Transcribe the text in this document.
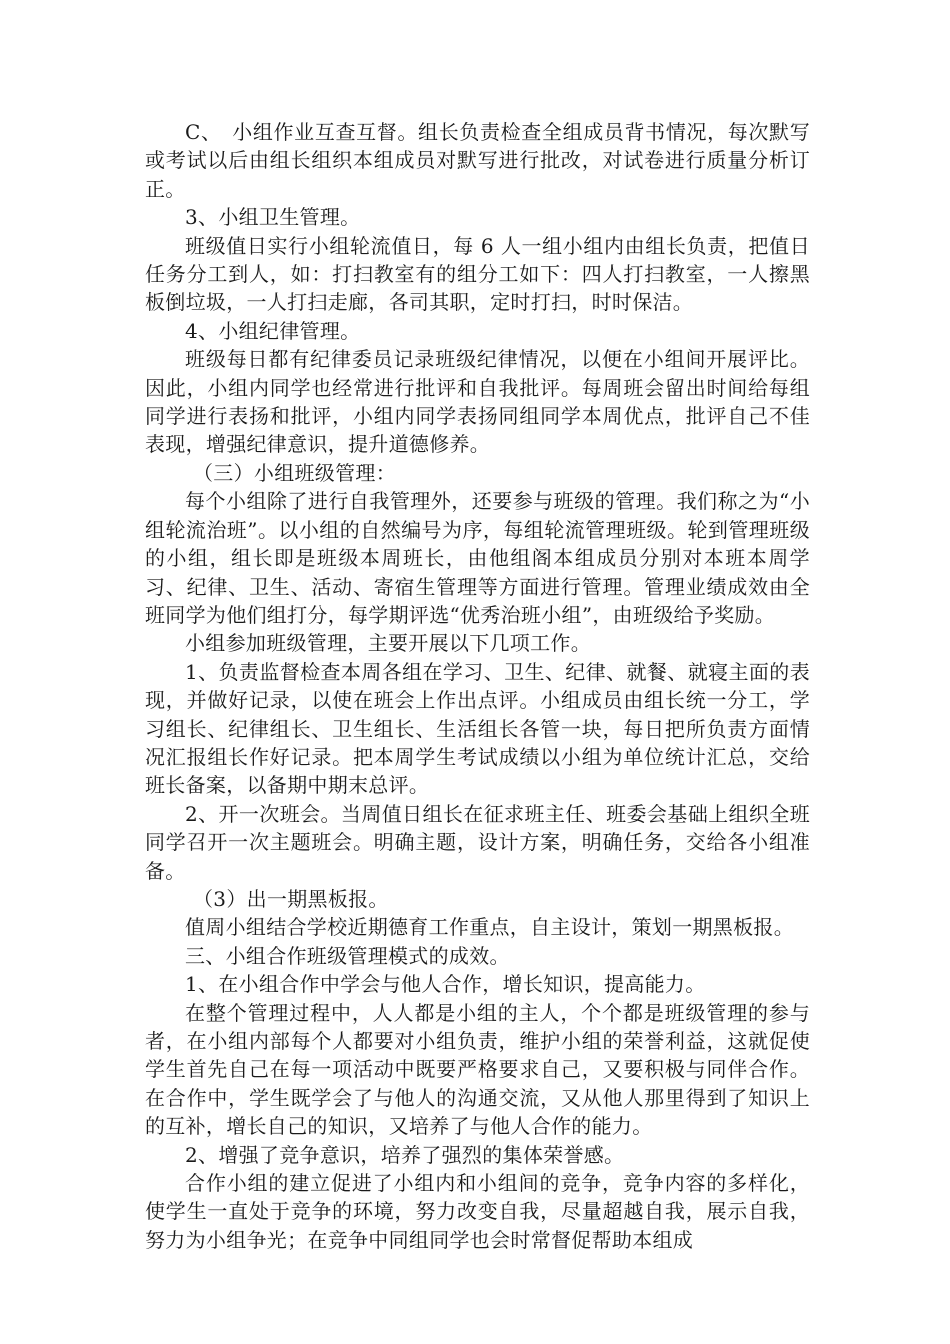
C、　小组作业互查互督。组长负责检查全组成员背书情况，每次默写或考试以后由组长组织本组成员对默写进行批改，对试卷进行质量分析订正。

3、小组卫生管理。

班级值日实行小组轮流值日，每 6 人一组小组内由组长负责，把值日任务分工到人，如：打扫教室有的组分工如下：四人打扫教室，一人擦黑板倒垃圾，一人打扫走廊，各司其职，定时打扫，时时保洁。

4、小组纪律管理。

班级每日都有纪律委员记录班级纪律情况，以便在小组间开展评比。因此，小组内同学也经常进行批评和自我批评。每周班会留出时间给每组同学进行表扬和批评，小组内同学表扬同组同学本周优点，批评自己不佳表现，增强纪律意识，提升道德修养。

（三）小组班级管理：

每个小组除了进行自我管理外，还要参与班级的管理。我们称之为“小组轮流治班”。以小组的自然编号为序，每组轮流管理班级。轮到管理班级的小组，组长即是班级本周班长，由他组阁本组成员分别对本班本周学习、纪律、卫生、活动、寄宿生管理等方面进行管理。管理业绩成效由全班同学为他们组打分，每学期评选“优秀治班小组”，由班级给予奖励。

小组参加班级管理，主要开展以下几项工作。

1、负责监督检查本周各组在学习、卫生、纪律、就餐、就寝主面的表现，并做好记录，以使在班会上作出点评。小组成员由组长统一分工，学习组长、纪律组长、卫生组长、生活组长各管一块，每日把所负责方面情况汇报组长作好记录。把本周学生考试成绩以小组为单位统计汇总，交给班长备案，以备期中期末总评。

2、开一次班会。当周值日组长在征求班主任、班委会基础上组织全班同学召开一次主题班会。明确主题，设计方案，明确任务，交给各小组准备。

（3）出一期黑板报。

值周小组结合学校近期德育工作重点，自主设计，策划一期黑板报。

三、小组合作班级管理模式的成效。

1、在小组合作中学会与他人合作，增长知识，提高能力。

在整个管理过程中，人人都是小组的主人，个个都是班级管理的参与者，在小组内部每个人都要对小组负责，维护小组的荣誉利益，这就促使学生首先自己在每一项活动中既要严格要求自己，又要积极与同伴合作。在合作中，学生既学会了与他人的沟通交流，又从他人那里得到了知识上的互补，增长自己的知识，又培养了与他人合作的能力。

2、增强了竞争意识，培养了强烈的集体荣誉感。

合作小组的建立促进了小组内和小组间的竞争，竞争内容的多样化，使学生一直处于竞争的环境，努力改变自我，尽量超越自我，展示自我，努力为小组争光；在竞争中同组同学也会时常督促帮助本组成
